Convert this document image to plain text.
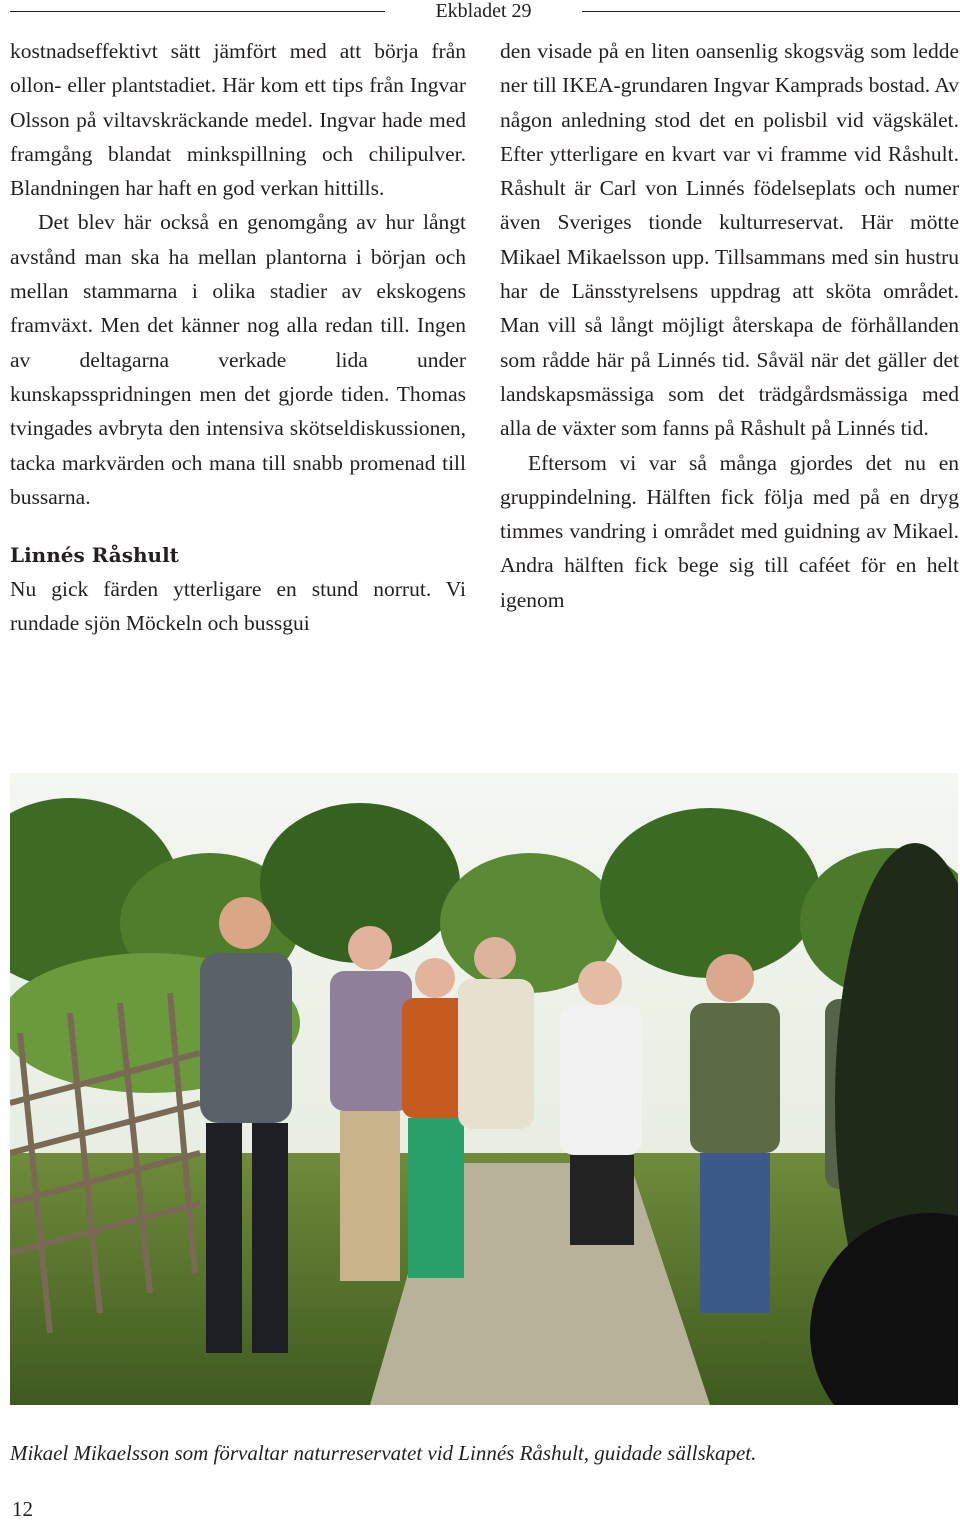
Ekbladet 29

kostnadseffektivt sätt jämfört med att börja från ollon- eller plantstadiet. Här kom ett tips från Ingvar Olsson på viltavskräckande medel. Ingvar hade med framgång blandat minkspillning och chilipulver. Blandningen har haft en god verkan hittills.

Det blev här också en genomgång av hur långt avstånd man ska ha mellan plantorna i början och mellan stammarna i olika stadier av ekskogens framväxt. Men det känner nog alla redan till. Ingen av deltagarna verkade lida under kunskapsspridningen men det gjorde tiden. Thomas tvingades avbryta den intensiva skötseldiskussionen, tacka markvärden och mana till snabb promenad till bussarna.

Linnés Råshult

Nu gick färden ytterligare en stund norrut. Vi rundade sjön Möckeln och bussgui

den visade på en liten oansenlig skogsväg som ledde ner till IKEA-grundaren Ingvar Kamprads bostad. Av någon anledning stod det en polisbil vid vägskälet. Efter ytterligare en kvart var vi framme vid Råshult. Råshult är Carl von Linnés födelseplats och numer även Sveriges tionde kulturreservat. Här mötte Mikael Mikaelsson upp. Tillsammans med sin hustru har de Länsstyrelsens uppdrag att sköta området. Man vill så långt möjligt återskapa de förhållanden som rådde här på Linnés tid. Såväl när det gäller det landskapsmässiga som det trädgårdsmässiga med alla de växter som fanns på Råshult på Linnés tid.

Eftersom vi var så många gjordes det nu en gruppindelning. Hälften fick följa med på en dryg timmes vandring i området med guidning av Mikael. Andra hälften fick bege sig till caféet för en helt igenom

Mikael Mikaelsson som förvaltar naturreservatet vid Linnés Råshult, guidade sällskapet.
12
